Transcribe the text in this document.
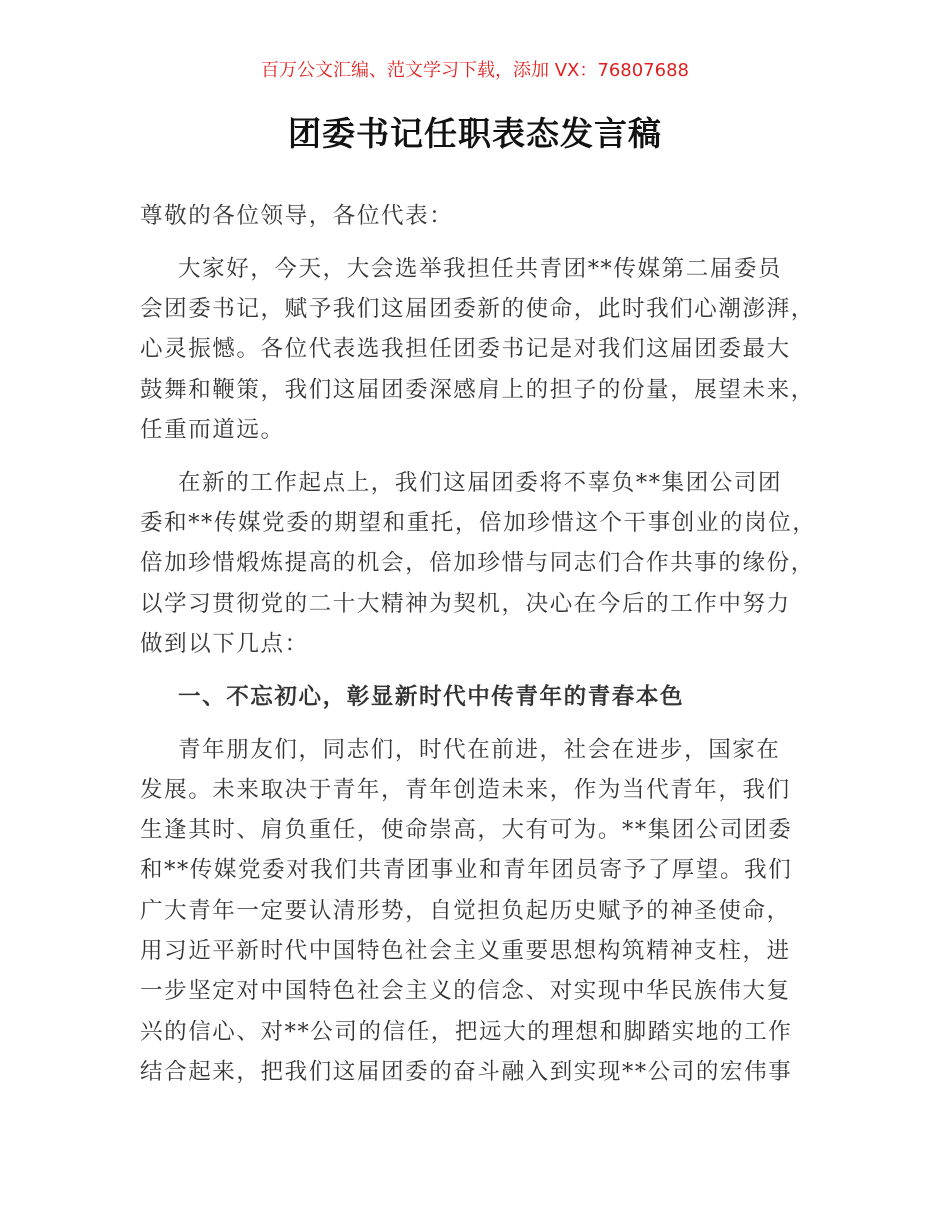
百万公文汇编、范文学习下载，添加 VX：76807688
团委书记任职表态发言稿
尊敬的各位领导，各位代表：
大家好，今天，大会选举我担任共青团**传媒第二届委员
会团委书记，赋予我们这届团委新的使命，此时我们心潮澎湃，
心灵振憾。各位代表选我担任团委书记是对我们这届团委最大
鼓舞和鞭策，我们这届团委深感肩上的担子的份量，展望未来，
任重而道远。
在新的工作起点上，我们这届团委将不辜负**集团公司团
委和**传媒党委的期望和重托，倍加珍惜这个干事创业的岗位，
倍加珍惜煅炼提高的机会，倍加珍惜与同志们合作共事的缘份，
以学习贯彻党的二十大精神为契机，决心在今后的工作中努力
做到以下几点：
一、不忘初心，彰显新时代中传青年的青春本色
青年朋友们，同志们，时代在前进，社会在进步，国家在
发展。未来取决于青年，青年创造未来，作为当代青年，我们
生逢其时、肩负重任，使命崇高，大有可为。**集团公司团委
和**传媒党委对我们共青团事业和青年团员寄予了厚望。我们
广大青年一定要认清形势，自觉担负起历史赋予的神圣使命，
用习近平新时代中国特色社会主义重要思想构筑精神支柱，进
一步坚定对中国特色社会主义的信念、对实现中华民族伟大复
兴的信心、对**公司的信任，把远大的理想和脚踏实地的工作
结合起来，把我们这届团委的奋斗融入到实现**公司的宏伟事
